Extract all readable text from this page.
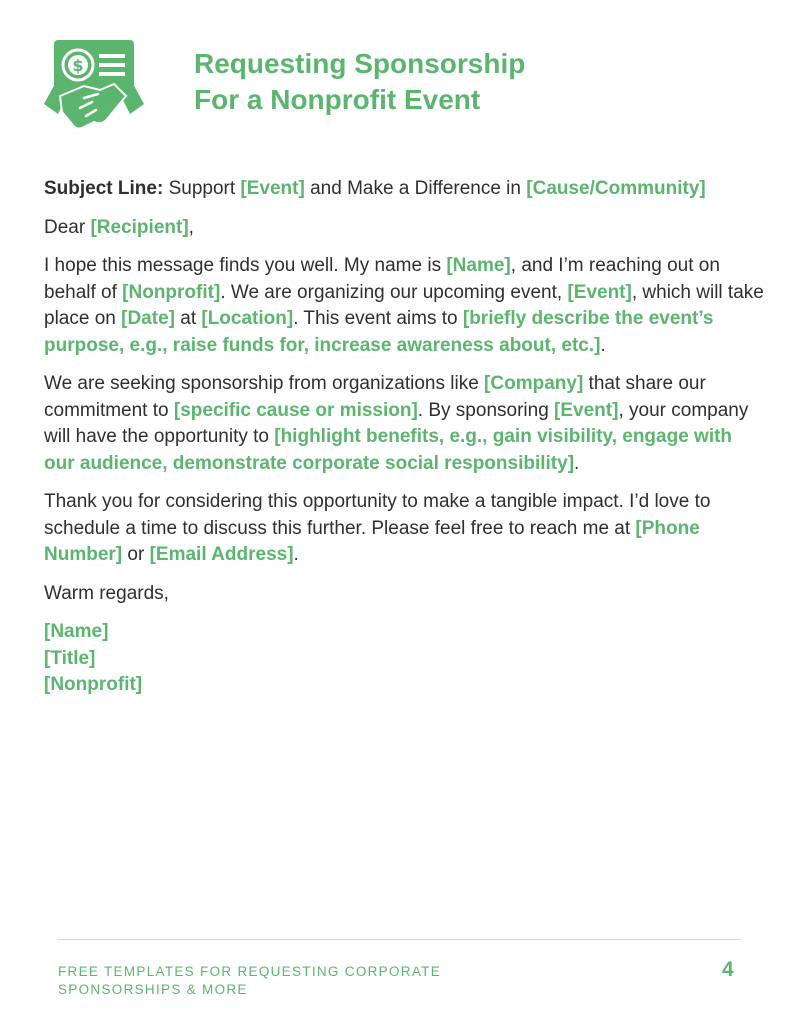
$	Requesting Sponsorship
For a Nonprofit Event

Subject Line: Support [Event] and Make a Difference in [Cause/Community]

Dear [Recipient],

I hope this message finds you well. My name is [Name], and I’m reaching out on behalf of [Nonprofit]. We are organizing our upcoming event, [Event], which will take place on [Date] at [Location]. This event aims to [briefly describe the event’s purpose, e.g., raise funds for, increase awareness about, etc.].

We are seeking sponsorship from organizations like [Company] that share our commitment to [specific cause or mission]. By sponsoring [Event], your company will have the opportunity to [highlight benefits, e.g., gain visibility, engage with our audience, demonstrate corporate social responsibility].

Thank you for considering this opportunity to make a tangible impact. I’d love to schedule a time to discuss this further. Please feel free to reach me at [Phone Number] or [Email Address].

Warm regards,

[Name]
[Title]
[Nonprofit]
FREE TEMPLATES FOR REQUESTING CORPORATE
SPONSORSHIPS & MORE
4
